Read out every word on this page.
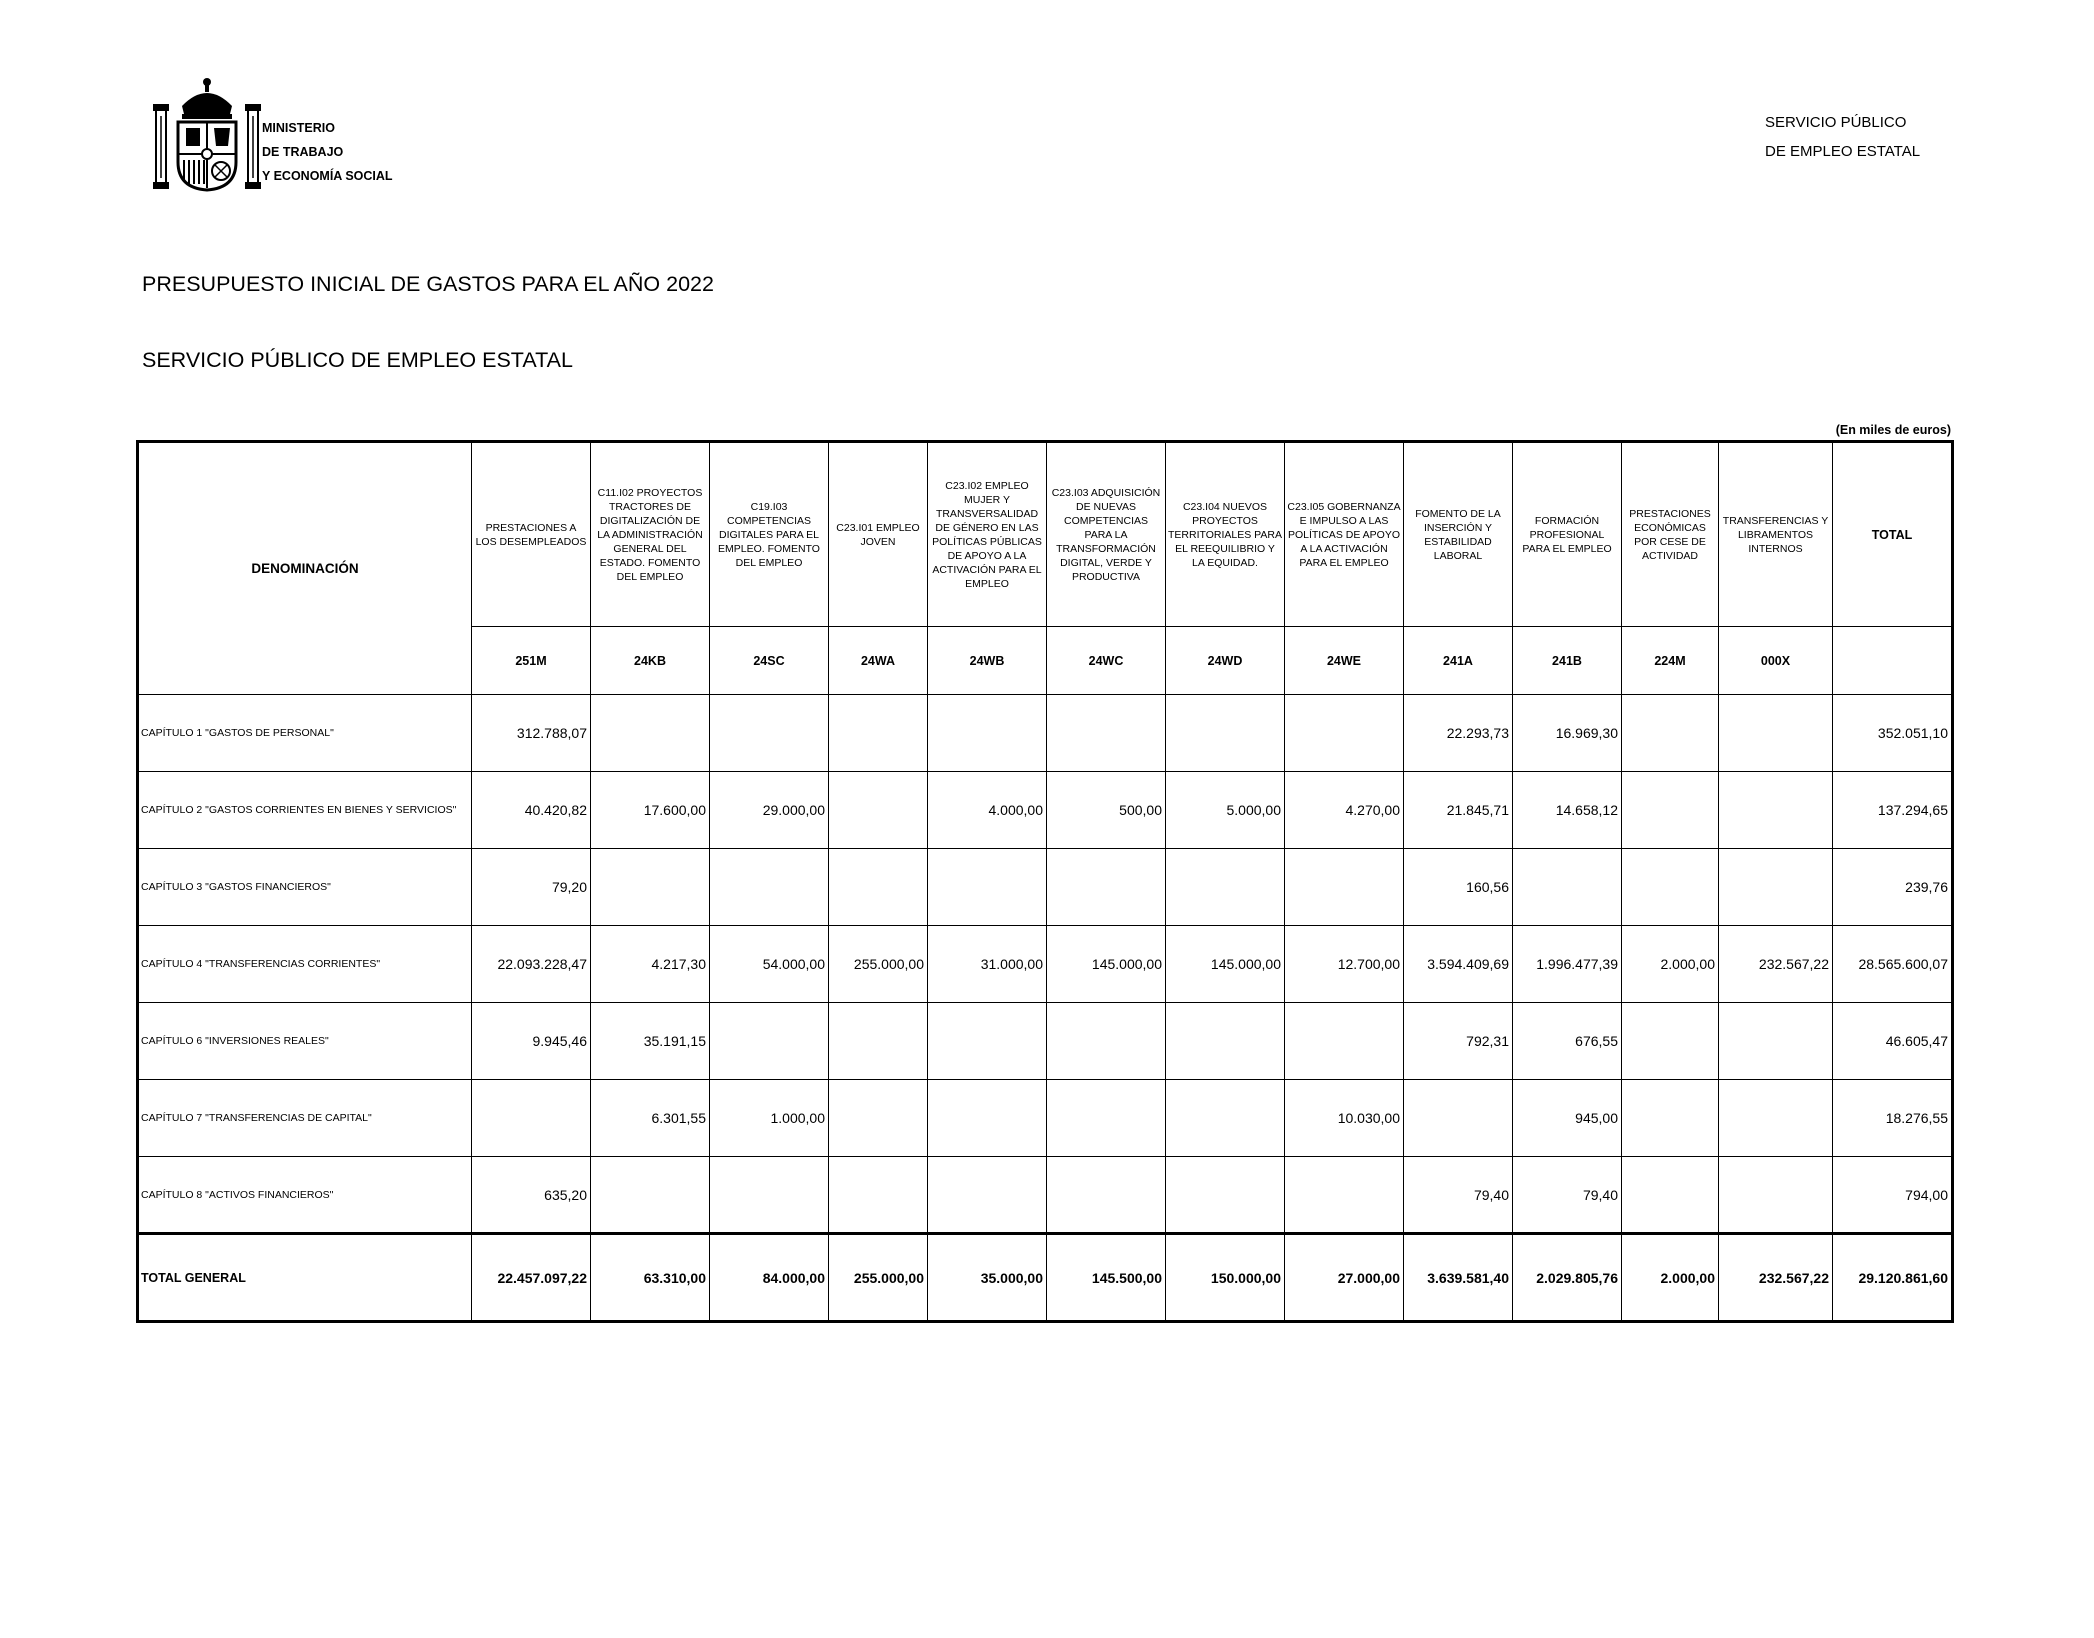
MINISTERIO
DE TRABAJO
Y ECONOMÍA SOCIAL
SERVICIO PÚBLICO
DE EMPLEO ESTATAL
PRESUPUESTO INICIAL DE GASTOS PARA EL AÑO 2022
SERVICIO PÚBLICO DE EMPLEO ESTATAL
(En miles de euros)
DENOMINACIÓN	PRESTACIONES A LOS DESEMPLEADOS	C11.I02 PROYECTOS TRACTORES DE DIGITALIZACIÓN DE LA ADMINISTRACIÓN GENERAL DEL ESTADO. FOMENTO DEL EMPLEO	C19.I03 COMPETENCIAS DIGITALES PARA EL EMPLEO. FOMENTO DEL EMPLEO	C23.I01 EMPLEO JOVEN	C23.I02 EMPLEO MUJER Y TRANSVERSALIDAD DE GÉNERO EN LAS POLÍTICAS PÚBLICAS DE APOYO A LA ACTIVACIÓN PARA EL EMPLEO	C23.I03 ADQUISICIÓN DE NUEVAS COMPETENCIAS PARA LA TRANSFORMACIÓN DIGITAL, VERDE Y PRODUCTIVA	C23.I04 NUEVOS PROYECTOS TERRITORIALES PARA EL REEQUILIBRIO Y LA EQUIDAD.	C23.I05 GOBERNANZA E IMPULSO A LAS POLÍTICAS DE APOYO A LA ACTIVACIÓN PARA EL EMPLEO	FOMENTO DE LA INSERCIÓN Y ESTABILIDAD LABORAL	FORMACIÓN PROFESIONAL PARA EL EMPLEO	PRESTACIONES ECONÓMICAS POR CESE DE ACTIVIDAD	TRANSFERENCIAS Y LIBRAMENTOS INTERNOS	TOTAL
	251M	24KB	24SC	24WA	24WB	24WC	24WD	24WE	241A	241B	224M	000X	
CAPÍTULO 1 "GASTOS DE PERSONAL"	312.788,07								22.293,73	16.969,30			352.051,10
CAPÍTULO 2 "GASTOS CORRIENTES EN BIENES Y SERVICIOS"	40.420,82	17.600,00	29.000,00		4.000,00	500,00	5.000,00	4.270,00	21.845,71	14.658,12			137.294,65
CAPÍTULO 3 "GASTOS FINANCIEROS"	79,20								160,56				239,76
CAPÍTULO 4 "TRANSFERENCIAS CORRIENTES"	22.093.228,47	4.217,30	54.000,00	255.000,00	31.000,00	145.000,00	145.000,00	12.700,00	3.594.409,69	1.996.477,39	2.000,00	232.567,22	28.565.600,07
CAPÍTULO 6 "INVERSIONES REALES"	9.945,46	35.191,15							792,31	676,55			46.605,47
CAPÍTULO 7 "TRANSFERENCIAS DE CAPITAL"		6.301,55	1.000,00					10.030,00		945,00			18.276,55
CAPÍTULO 8 "ACTIVOS FINANCIEROS"	635,20								79,40	79,40			794,00
TOTAL GENERAL	22.457.097,22	63.310,00	84.000,00	255.000,00	35.000,00	145.500,00	150.000,00	27.000,00	3.639.581,40	2.029.805,76	2.000,00	232.567,22	29.120.861,60
